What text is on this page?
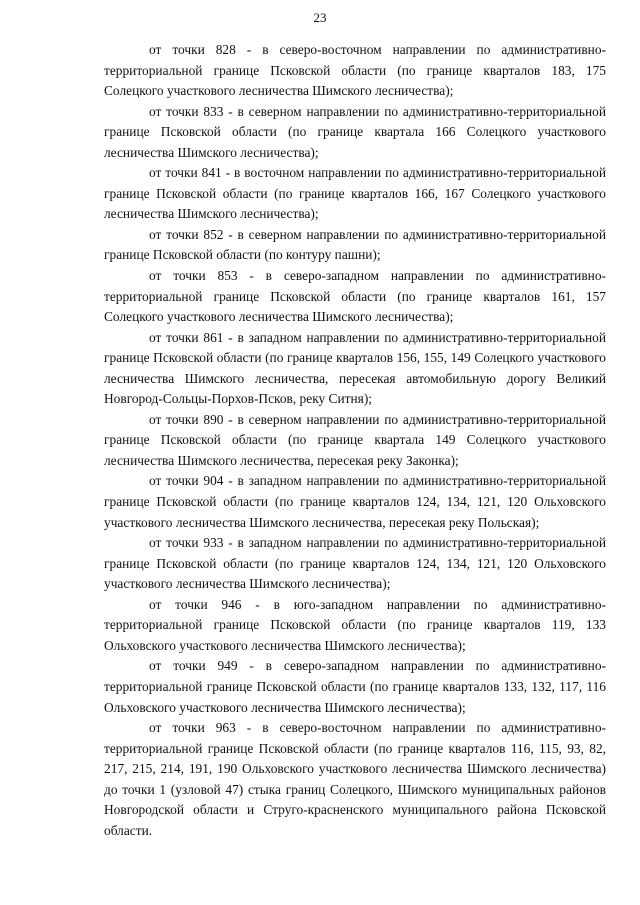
23

от точки 828 - в северо-восточном направлении по административно-территориальной границе Псковской области (по границе кварталов 183, 175 Солецкого участкового лесничества Шимского лесничества);

от точки 833 - в северном направлении по административно-территориальной границе Псковской области (по границе квартала 166 Солецкого участкового лесничества Шимского лесничества);

от точки 841 - в восточном направлении по административно-территориальной границе Псковской области (по границе кварталов 166, 167 Солецкого участкового лесничества Шимского лесничества);

от точки 852 - в северном направлении по административно-территориальной границе Псковской области (по контуру пашни);

от точки 853 - в северо-западном направлении по административно-территориальной границе Псковской области (по границе кварталов 161, 157 Солецкого участкового лесничества Шимского лесничества);

от точки 861 - в западном направлении по административно-территориальной границе Псковской области (по границе кварталов 156, 155, 149 Солецкого участкового лесничества Шимского лесничества, пересекая автомобильную дорогу Великий Новгород-Сольцы-Порхов-Псков, реку Ситня);

от точки 890 - в северном направлении по административно-территориальной границе Псковской области (по границе квартала 149 Солецкого участкового лесничества Шимского лесничества, пересекая реку Законка);

от точки 904 - в западном направлении по административно-территориальной границе Псковской области (по границе кварталов 124, 134, 121, 120 Ольховского участкового лесничества Шимского лесничества, пересекая реку Польская);

от точки 933 - в западном направлении по административно-территориальной границе Псковской области (по границе кварталов 124, 134, 121, 120 Ольховского участкового лесничества Шимского лесничества);

от точки 946 - в юго-западном направлении по административно-территориальной границе Псковской области (по границе кварталов 119, 133 Ольховского участкового лесничества Шимского лесничества);

от точки 949 - в северо-западном направлении по административно-территориальной границе Псковской области (по границе кварталов 133, 132, 117, 116 Ольховского участкового лесничества Шимского лесничества);

от точки 963 - в северо-восточном направлении по административно-территориальной границе Псковской области (по границе кварталов 116, 115, 93, 82, 217, 215, 214, 191, 190 Ольховского участкового лесничества Шимского лесничества) до точки 1 (узловой 47) стыка границ Солецкого, Шимского муниципальных районов Новгородской области и Струго-красненского муниципального района Псковской области.
